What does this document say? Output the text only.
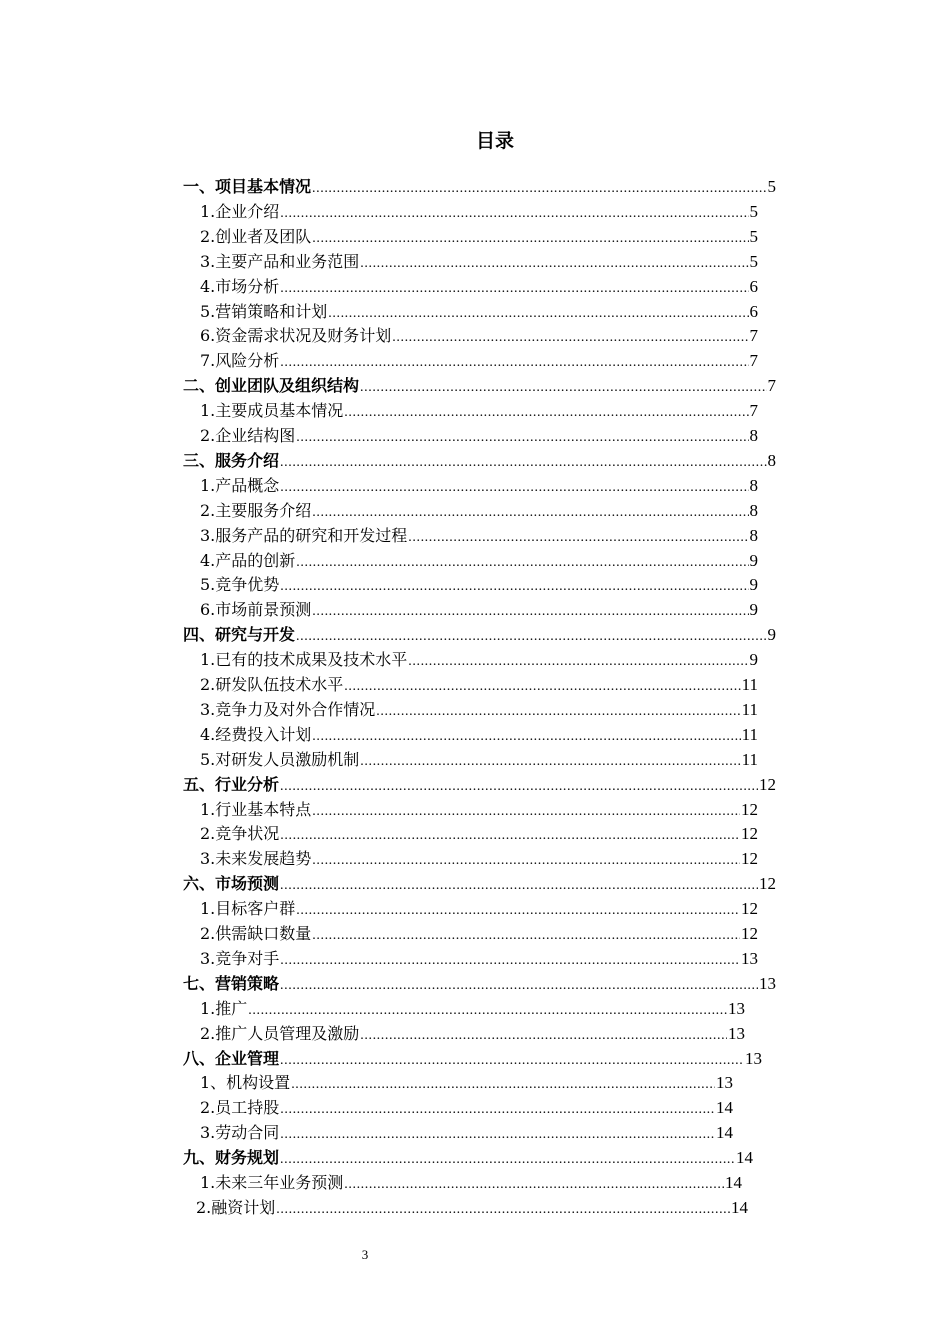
目录
一、项目基本情况 .....	5
1.企业介绍 .....	5
2.创业者及团队 .....	5
3.主要产品和业务范围 .....	5
4.市场分析 .....	6
5.营销策略和计划 .....	6
6.资金需求状况及财务计划 .....	7
7.风险分析 .....	7
二、创业团队及组织结构 .....	7
1.主要成员基本情况 .....	7
2.企业结构图 .....	8
三、服务介绍 .....	8
1.产品概念 .....	8
2.主要服务介绍 .....	8
3.服务产品的研究和开发过程 .....	8
4.产品的创新 .....	9
5.竞争优势 .....	9
6.市场前景预测 .....	9
四、研究与开发 .....	9
1.已有的技术成果及技术水平 .....	9
2.研发队伍技术水平 .....	11
3.竞争力及对外合作情况 .....	11
4.经费投入计划 .....	11
5.对研发人员激励机制 .....	11
五、行业分析 .....	12
1.行业基本特点 .....	12
2.竞争状况 .....	12
3.未来发展趋势 .....	12
六、市场预测 .....	12
1.目标客户群 .....	12
2.供需缺口数量 .....	12
3.竞争对手 .....	13
七、营销策略 .....	13
1.推广 .....	13
2.推广人员管理及激励 .....	13
八、企业管理 .....	13
1、机构设置 .....	13
2.员工持股 .....	14
3.劳动合同 .....	14
九、财务规划 .....	14
1.未来三年业务预测 .....	14
2.融资计划 .....	14
3
